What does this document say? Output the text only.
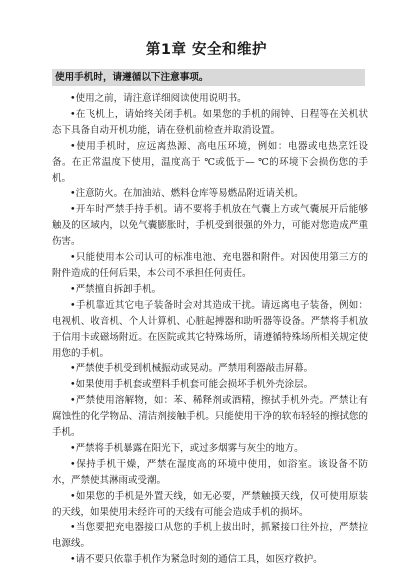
第1章 安全和维护
使用手机时，请遵循以下注意事项。

•使用之前，请注意详细阅读使用说明书。

•在飞机上，请始终关闭手机。如果您的手机的闹钟、日程等在关机状态下具备自动开机功能，请在登机前检查并取消设置。

•使用手机时，应远离热源、高电压环境，例如：电器或电热烹饪设备。在正常温度下使用，温度高于 ℃或低于— ℃的环境下会损伤您的手机。

•注意防火。在加油站、燃料仓库等易燃品附近请关机。

•开车时严禁手持手机。请不要将手机放在气囊上方或气囊展开后能够触及的区域内，以免气囊膨胀时，手机受到很强的外力，可能对您造成严重伤害。

•只能使用本公司认可的标准电池、充电器和附件。对因使用第三方的附件造成的任何后果，本公司不承担任何责任。

•严禁擅自拆卸手机。

•手机靠近其它电子装备时会对其造成干扰。请远离电子装备，例如：电视机、收音机、个人计算机、心脏起搏器和助听器等设备。严禁将手机放于信用卡或磁场附近。在医院或其它特殊场所，请遵循特殊场所相关规定使用您的手机。

•严禁使手机受到机械振动或晃动。严禁用利器敲击屏幕。

•如果使用手机套或塑料手机套可能会损坏手机外壳涂层。

•严禁使用溶解物，如：苯、稀释剂或酒精，擦拭手机外壳。严禁让有腐蚀性的化学物品、清洁剂接触手机。只能使用干净的软布轻轻的擦拭您的手机。

•严禁将手机暴露在阳光下，或过多烟雾与灰尘的地方。

•保持手机干燥，严禁在湿度高的环境中使用，如浴室。该设备不防水，严禁使其淋雨或受潮。

•如果您的手机是外置天线，如无必要，严禁触摸天线，仅可使用原装的天线，如果使用未经许可的天线有可能会造成手机的损坏。

•当您要把充电器接口从您的手机上拔出时，抓紧接口往外拉，严禁拉电源线。

•请不要只依靠手机作为紧急时刻的通信工具，如医疗救护。
